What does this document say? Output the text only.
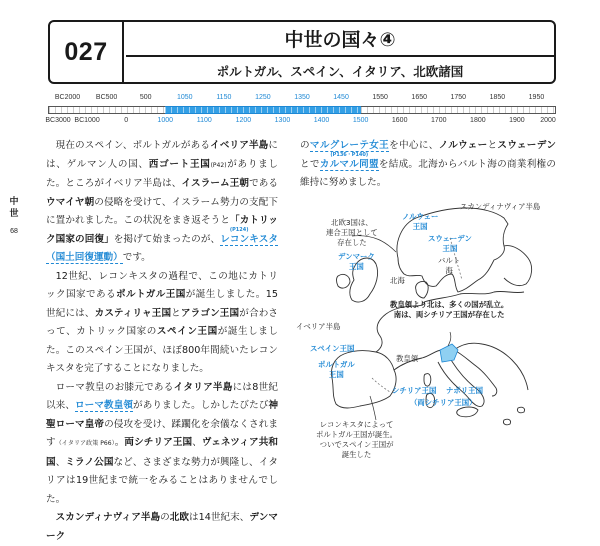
027	中世の国々④
ポルトガル、スペイン、イタリア、北欧諸国
BC3000 BC1000	0	1000	1100	1200	1300	1400	1500	1600	1700	1800	1900 2000
BC2000 BC500	500	1050	1150	1250	1350	1450	1550	1650	1750	1850	1950
中
世
68

現在のスペイン、ポルトガルがあるイベリア半島には、ゲルマン人の国、西ゴート王国(P42)がありました。ところがイベリア半島は、イスラーム王朝であるウマイヤ朝の侵略を受けて、イスラーム勢力の支配下に置かれました。この状況をまき返そうと「カトリック国家の回復」を掲げて始まったのが、レコンキスタ（国土回復運動）
(P124)
です。

12世紀、レコンキスタの過程で、この地にカトリック国家であるポルトガル王国が誕生しました。15世紀には、カスティリャ王国とアラゴン王国が合わさって、カトリック国家のスペイン王国が誕生しました。このスペイン王国が、ほぼ800年間続いたレコンキスタを完了することになりました。

ローマ教皇のお膝元であるイタリア半島には8世紀以来、ローマ教皇領がありました。しかしたびたび神聖ローマ皇帝の侵攻を受け、蹂躙化を余儀なくされます（イタリア政策 P66）。両シチリア王国、ヴェネツィア共和国、ミラノ公国など、さまざまな勢力が興隆し、イタリアは19世紀まで統一をみることはありませんでした。

スカンディナヴィア半島の北欧は14世紀末、デンマーク

のマルグレーテ女王を中心に、ノルウェーとスウェーデンとでカルマル同盟
(P136・P140)
を結成。北海からバルト海の商業利権の維持に努めました。

北欧3国は、
連合王国として
存在した
スカンディナヴィア半島
ノルウェー
王国
スウェーデン
王国
デンマーク
王国
バルト
海
北海
教皇領より北は、多くの国が乱立。
南は、両シチリア王国が存在した
イベリア半島
スペイン王国
ポルトガル
王国
教皇領
シチリア王国 ナポリ王国
（両シチリア王国）
レコンキスタによって
ポルトガル王国が誕生。
ついでスペイン王国が
誕生した
